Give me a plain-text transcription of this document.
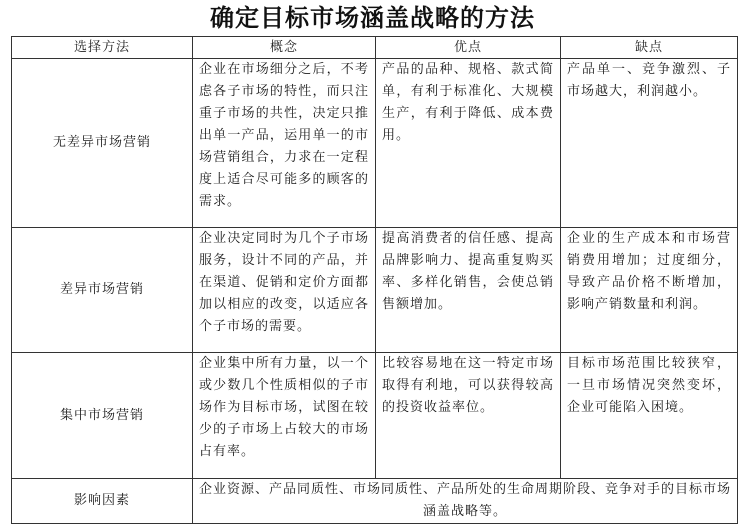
确定目标市场涵盖战略的方法
选择方法	概念	优点	缺点
无差异市场营销	企业在市场细分之后，不考虑各子市场的特性，而只注重子市场的共性，决定只推出单一产品，运用单一的市场营销组合，力求在一定程度上适合尽可能多的顾客的需求。	产品的品种、规格、款式简单，有利于标准化、大规模生产，有利于降低、成本费用。	产品单一、竞争激烈、子市场越大，利润越小。
差异市场营销	企业决定同时为几个子市场服务，设计不同的产品，并在渠道、促销和定价方面都加以相应的改变，以适应各个子市场的需要。	提高消费者的信任感、提高品牌影响力、提高重复购买率、多样化销售，会使总销售额增加。	企业的生产成本和市场营销费用增加；过度细分，导致产品价格不断增加，影响产销数量和利润。
集中市场营销	企业集中所有力量，以一个或少数几个性质相似的子市场作为目标市场，试图在较少的子市场上占较大的市场占有率。	比较容易地在这一特定市场取得有利地，可以获得较高的投资收益率位。	目标市场范围比较狭窄，一旦市场情况突然变坏，企业可能陷入困境。
影响因素	企业资源、产品同质性、市场同质性、产品所处的生命周期阶段、竞争对手的目标市场涵盖战略等。		
